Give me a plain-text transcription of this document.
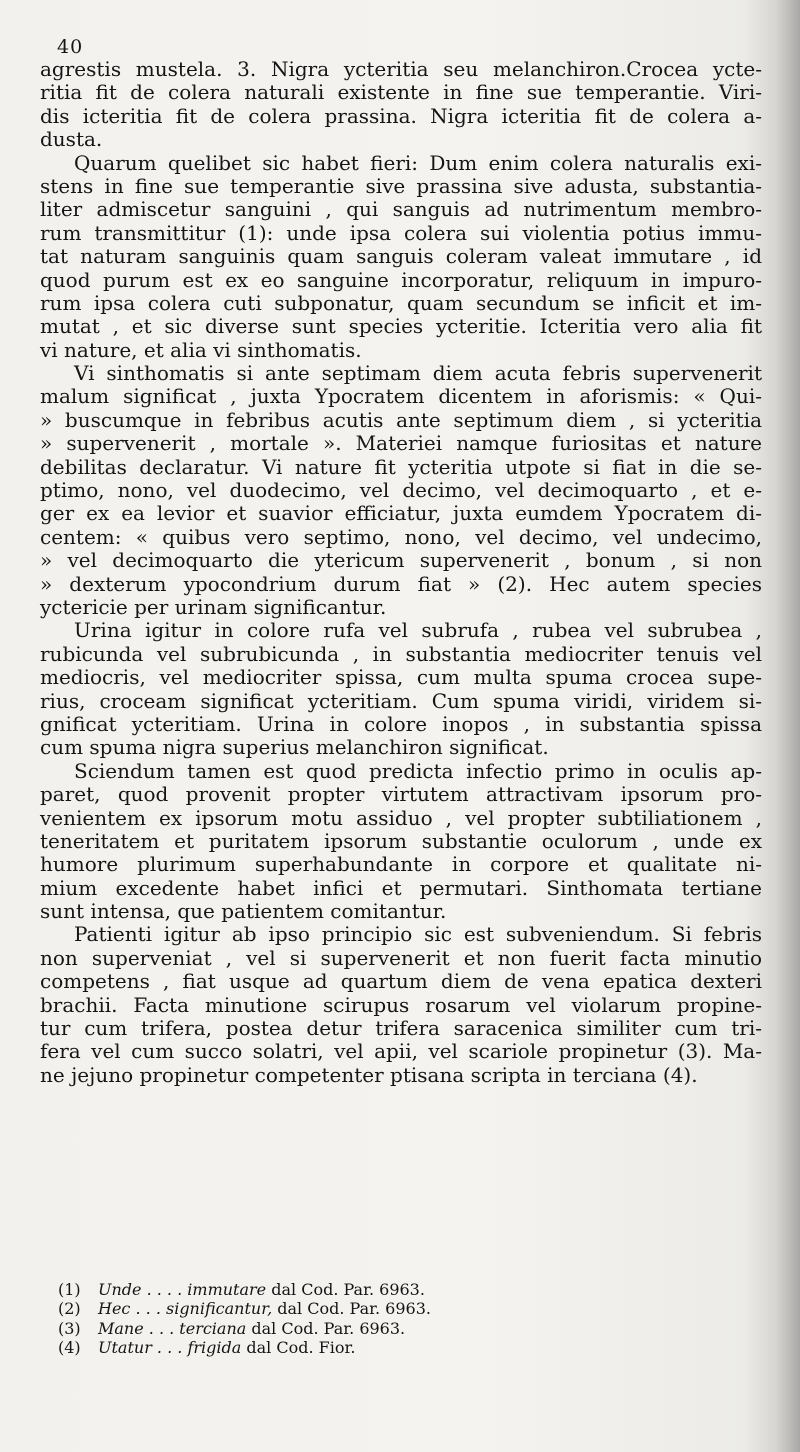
40
agrestis mustela. 3. Nigra ycteritia seu melanchiron.Crocea ycte-
ritia fit de colera naturali existente in fine sue temperantie. Viri-
dis icteritia fit de colera prassina. Nigra icteritia fit de colera a-
dusta.
Quarum quelibet sic habet fieri: Dum enim colera naturalis exi-
stens in fine sue temperantie sive prassina sive adusta, substantia-
liter admiscetur sanguini , qui sanguis ad nutrimentum membro-
rum transmittitur (1): unde ipsa colera sui violentia potius immu-
tat naturam sanguinis quam sanguis coleram valeat immutare , id
quod purum est ex eo sanguine incorporatur, reliquum in impuro-
rum ipsa colera cuti subponatur, quam secundum se inficit et im-
mutat , et sic diverse sunt species ycteritie. Icteritia vero alia fit
vi nature, et alia vi sinthomatis.
Vi sinthomatis si ante septimam diem acuta febris supervenerit
malum significat , juxta Ypocratem dicentem in aforismis: « Qui-
» buscumque in febribus acutis ante septimum diem , si ycteritia
» supervenerit , mortale ». Materiei namque furiositas et nature
debilitas declaratur. Vi nature fit ycteritia utpote si fiat in die se-
ptimo, nono, vel duodecimo, vel decimo, vel decimoquarto , et e-
ger ex ea levior et suavior efficiatur, juxta eumdem Ypocratem di-
centem: « quibus vero septimo, nono, vel decimo, vel undecimo,
» vel decimoquarto die ytericum supervenerit , bonum , si non
» dexterum ypocondrium durum fiat » (2). Hec autem species
yctericie per urinam significantur.
Urina igitur in colore rufa vel subrufa , rubea vel subrubea ,
rubicunda vel subrubicunda , in substantia mediocriter tenuis vel
mediocris, vel mediocriter spissa, cum multa spuma crocea supe-
rius, croceam significat ycteritiam. Cum spuma viridi, viridem si-
gnificat ycteritiam. Urina in colore inopos , in substantia spissa
cum spuma nigra superius melanchiron significat.
Sciendum tamen est quod predicta infectio primo in oculis ap-
paret, quod provenit propter virtutem attractivam ipsorum pro-
venientem ex ipsorum motu assiduo , vel propter subtiliationem ,
teneritatem et puritatem ipsorum substantie oculorum , unde ex
humore plurimum superhabundante in corpore et qualitate ni-
mium excedente habet infici et permutari. Sinthomata tertiane
sunt intensa, que patientem comitantur.
Patienti igitur ab ipso principio sic est subveniendum. Si febris
non superveniat , vel si supervenerit et non fuerit facta minutio
competens , fiat usque ad quartum diem de vena epatica dexteri
brachii. Facta minutione scirupus rosarum vel violarum propine-
tur cum trifera, postea detur trifera saracenica similiter cum tri-
fera vel cum succo solatri, vel apii, vel scariole propinetur (3). Ma-
ne jejuno propinetur competenter ptisana scripta in terciana (4).
(1) Unde . . . . immutare dal Cod. Par. 6963.
(2) Hec . . . significantur, dal Cod. Par. 6963.
(3) Mane . . . terciana dal Cod. Par. 6963.
(4) Utatur . . . frigida dal Cod. Fior.
